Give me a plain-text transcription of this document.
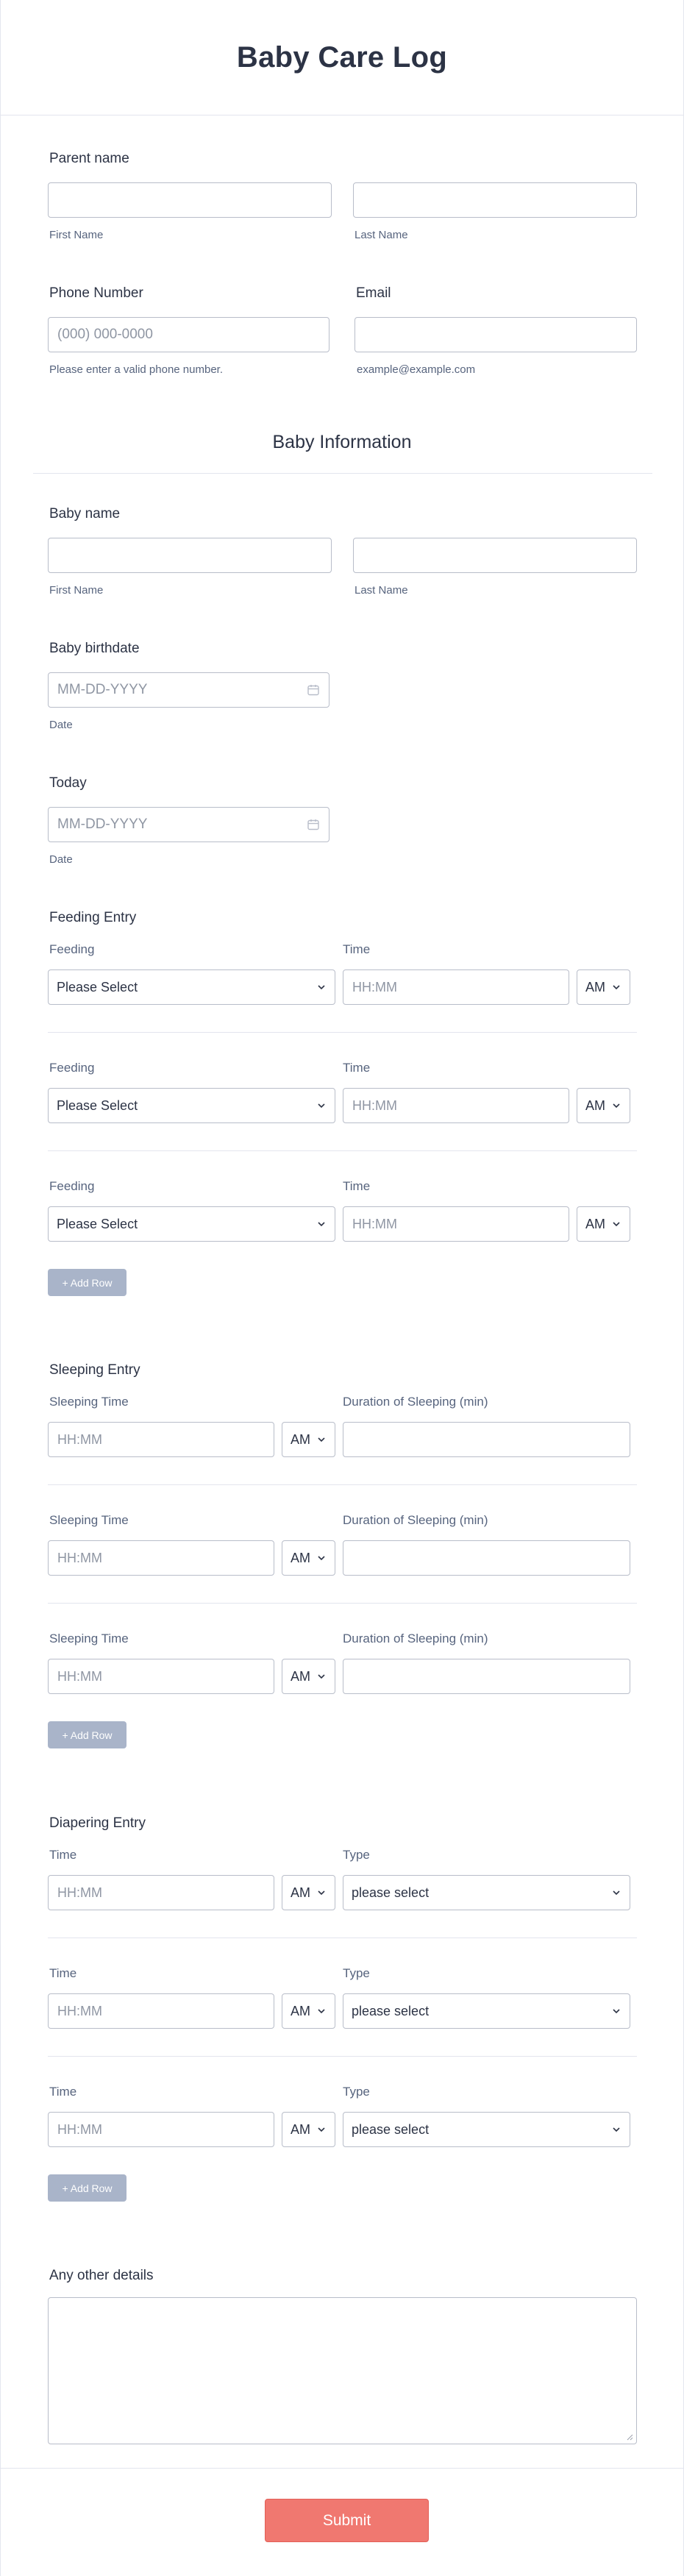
Baby Care Log
Parent name
First Name	Last Name
Phone Number	Email
(000) 000-0000
Please enter a valid phone number.	example@example.com
Baby Information
Baby name
First Name	Last Name
Baby birthdate
MM-DD-YYYY
Date
Today
MM-DD-YYYY
Date
Feeding Entry
Feeding	Time
Please Select	HH:MM	AM
Feeding	Time
Please Select	HH:MM	AM
Feeding	Time
Please Select	HH:MM	AM
+ Add Row
Sleeping Entry
Sleeping Time	Duration of Sleeping (min)
HH:MM	AM
Sleeping Time	Duration of Sleeping (min)
HH:MM	AM
Sleeping Time	Duration of Sleeping (min)
HH:MM	AM
+ Add Row
Diapering Entry
Time	Type
HH:MM	AM	please select
Time	Type
HH:MM	AM	please select
Time	Type
HH:MM	AM	please select
+ Add Row
Any other details
Submit
